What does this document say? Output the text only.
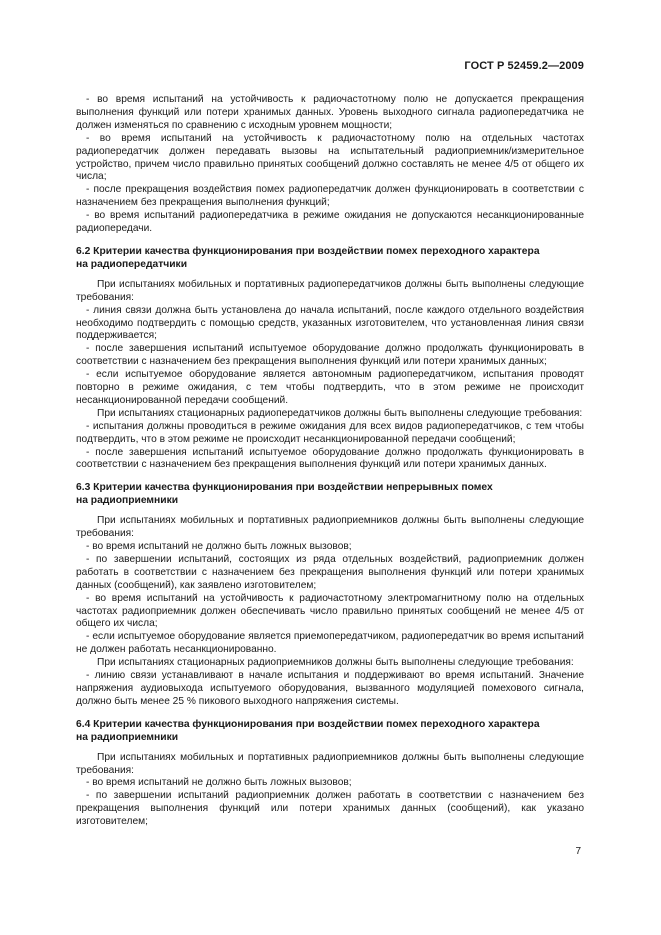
ГОСТ Р 52459.2—2009

- во время испытаний на устойчивость к радиочастотному полю не допускается прекращения выполнения функций или потери хранимых данных. Уровень выходного сигнала радиопередатчика не должен изменяться по сравнению с исходным уровнем мощности;

- во время испытаний на устойчивость к радиочастотному полю на отдельных частотах радиопередатчик должен передавать вызовы на испытательный радиоприемник/измерительное устройство, причем число правильно принятых сообщений должно составлять не менее 4/5 от общего их числа;

- после прекращения воздействия помех радиопередатчик должен функционировать в соответствии с назначением без прекращения выполнения функций;

- во время испытаний радиопередатчика в режиме ожидания не допускаются несанкционированные радиопередачи.

6.2 Критерии качества функционирования при воздействии помех переходного характера
на радиопередатчики

При испытаниях мобильных и портативных радиопередатчиков должны быть выполнены следующие требования:

- линия связи должна быть установлена до начала испытаний, после каждого отдельного воздействия необходимо подтвердить с помощью средств, указанных изготовителем, что установленная линия связи поддерживается;

- после завершения испытаний испытуемое оборудование должно продолжать функционировать в соответствии с назначением без прекращения выполнения функций или потери хранимых данных;

- если испытуемое оборудование является автономным радиопередатчиком, испытания проводят повторно в режиме ожидания, с тем чтобы подтвердить, что в этом режиме не происходит несанкционированной передачи сообщений.

При испытаниях стационарных радиопередатчиков должны быть выполнены следующие требования:

- испытания должны проводиться в режиме ожидания для всех видов радиопередатчиков, с тем чтобы подтвердить, что в этом режиме не происходит несанкционированной передачи сообщений;

- после завершения испытаний испытуемое оборудование должно продолжать функционировать в соответствии с назначением без прекращения выполнения функций или потери хранимых данных.

6.3 Критерии качества функционирования при воздействии непрерывных помех
на радиоприемники

При испытаниях мобильных и портативных радиоприемников должны быть выполнены следующие требования:

- во время испытаний не должно быть ложных вызовов;

- по завершении испытаний, состоящих из ряда отдельных воздействий, радиоприемник должен работать в соответствии с назначением без прекращения выполнения функций или потери хранимых данных (сообщений), как заявлено изготовителем;

- во время испытаний на устойчивость к радиочастотному электромагнитному полю на отдельных частотах радиоприемник должен обеспечивать число правильно принятых сообщений не менее 4/5 от общего их числа;

- если испытуемое оборудование является приемопередатчиком, радиопередатчик во время испытаний не должен работать несанкционированно.

При испытаниях стационарных радиоприемников должны быть выполнены следующие требования:

- линию связи устанавливают в начале испытания и поддерживают во время испытаний. Значение напряжения аудиовыхода испытуемого оборудования, вызванного модуляцией помехового сигнала, должно быть менее 25 % пикового выходного напряжения системы.

6.4 Критерии качества функционирования при воздействии помех переходного характера
на радиоприемники

При испытаниях мобильных и портативных радиоприемников должны быть выполнены следующие требования:

- во время испытаний не должно быть ложных вызовов;

- по завершении испытаний радиоприемник должен работать в соответствии с назначением без прекращения выполнения функций или потери хранимых данных (сообщений), как указано изготовителем;

7
